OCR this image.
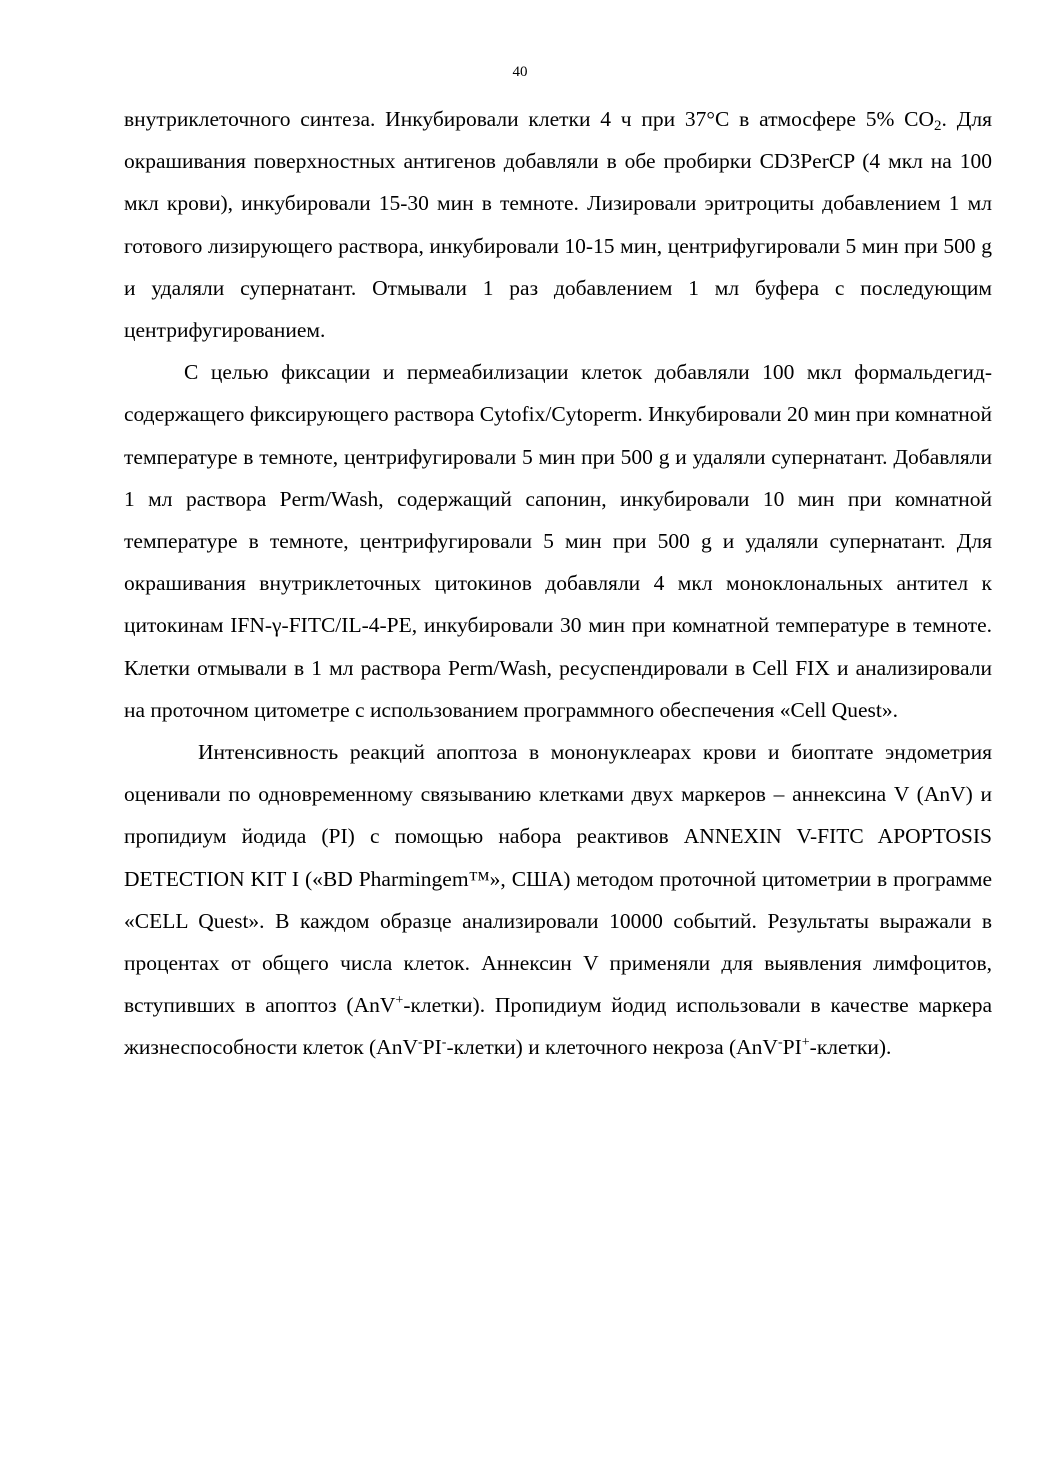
40

внутриклеточного синтеза. Инкубировали клетки 4 ч при 37°C в атмосфере 5% $CO_2$. Для окрашивания поверхностных антигенов добавляли в обе пробирки CD3PerCP (4 мкл на 100 мкл крови), инкубировали 15-30 мин в темноте. Лизировали эритроциты добавлением 1 мл готового лизирующего раствора, инкубировали 10-15 мин, центрифугировали 5 мин при 500 g и удаляли супернатант. Отмывали 1 раз добавлением 1 мл буфера с последующим центрифугированием.

С целью фиксации и пермеабилизации клеток добавляли 100 мкл формальдегид-содержащего фиксирующего раствора Cytofix/Cytoperm. Инкубировали 20 мин при комнатной температуре в темноте, центрифугировали 5 мин при 500 g и удаляли супернатант. Добавляли 1 мл раствора Perm/Wash, содержащий сапонин, инкубировали 10 мин при комнатной температуре в темноте, центрифугировали 5 мин при 500 g и удаляли супернатант. Для окрашивания внутриклеточных цитокинов добавляли 4 мкл моноклональных антител к цитокинам IFN-γ-FITC/IL-4-PE, инкубировали 30 мин при комнатной температуре в темноте. Клетки отмывали в 1 мл раствора Perm/Wash, ресуспендировали в Cell FIX и анализировали на проточном цитометре с использованием программного обеспечения «Cell Quest».

Интенсивность реакций апоптоза в мононуклеарах крови и биоптате эндометрия оценивали по одновременному связыванию клетками двух маркеров – аннексина V (AnV) и пропидиум йодида (PI) с помощью набора реактивов ANNEXIN V-FITC APOPTOSIS DETECTION KIT I («BD Pharmingem™», США) методом проточной цитометрии в программе «CELL Quest». В каждом образце анализировали 10000 событий. Результаты выражали в процентах от общего числа клеток. Аннексин V применяли для выявления лимфоцитов, вступивших в апоптоз (AnV+-клетки). Пропидиум йодид использовали в качестве маркера жизнеспособности клеток (AnV-PI--клетки) и клеточного некроза (AnV-PI+-клетки).
